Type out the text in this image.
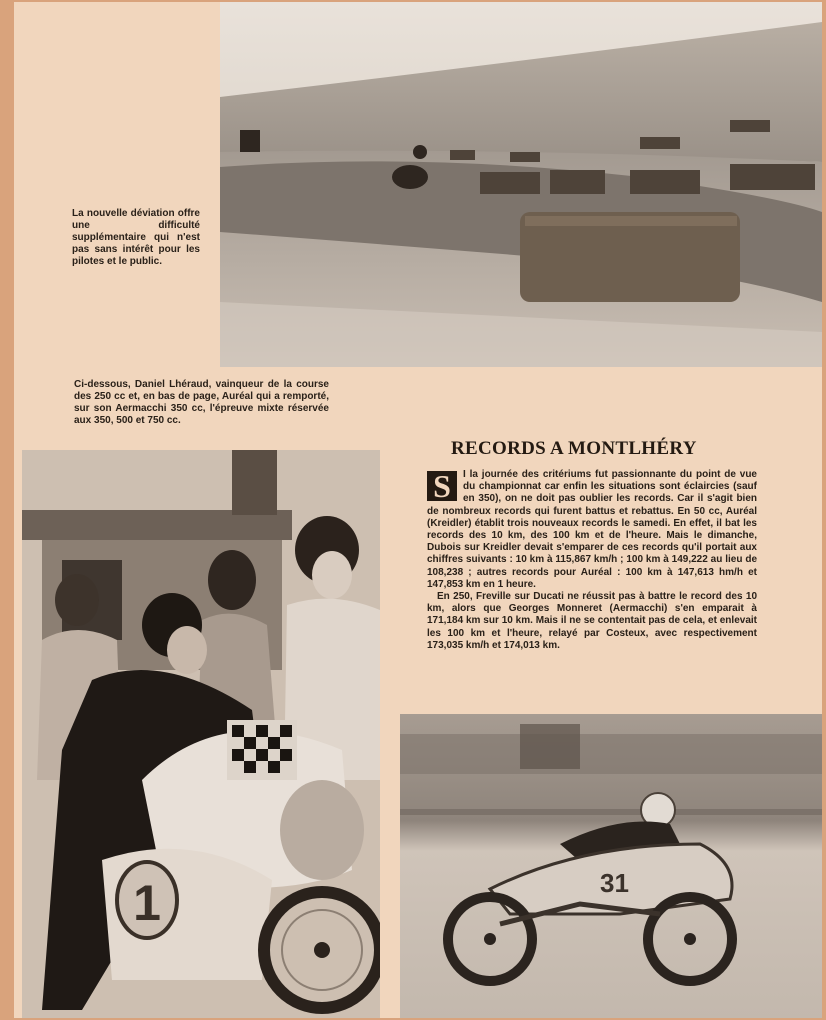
La nouvelle déviation offre une difficulté supplémentaire qui n'est pas sans intérêt pour les pilotes et le public.
Ci-dessous, Daniel Lhéraud, vainqueur de la course des 250 cc et, en bas de page, Auréal qui a remporté, sur son Aermacchi 350 cc, l'épreuve mixte réservée aux 350, 500 et 750 cc.
1
RECORDS A MONTLHÉRY

S	I la journée des critériums fut passionnante du point de vue du championnat car enfin les situations sont éclaircies (sauf en 350), on ne doit pas oublier les records. Car il s'agit bien de nombreux records qui furent battus et rebattus. En 50 cc, Auréal (Kreidler) établit trois nouveaux records le samedi. En effet, il bat les records des 10 km, des 100 km et de l'heure. Mais le dimanche, Dubois sur Kreidler devait s'emparer de ces records qu'il portait aux chiffres suivants : 10 km à 115,867 km/h ; 100 km à 149,222 au lieu de 108,238 ; autres records pour Auréal : 100 km à 147,613 hm/h et 147,853 km en 1 heure.

En 250, Freville sur Ducati ne réussit pas à battre le record des 10 km, alors que Georges Monneret (Aermacchi) s'en emparait à 171,184 km sur 10 km. Mais il ne se contentait pas de cela, et enlevait les 100 km et l'heure, relayé par Costeux, avec respectivement 173,035 km/h et 174,013 km.

31
